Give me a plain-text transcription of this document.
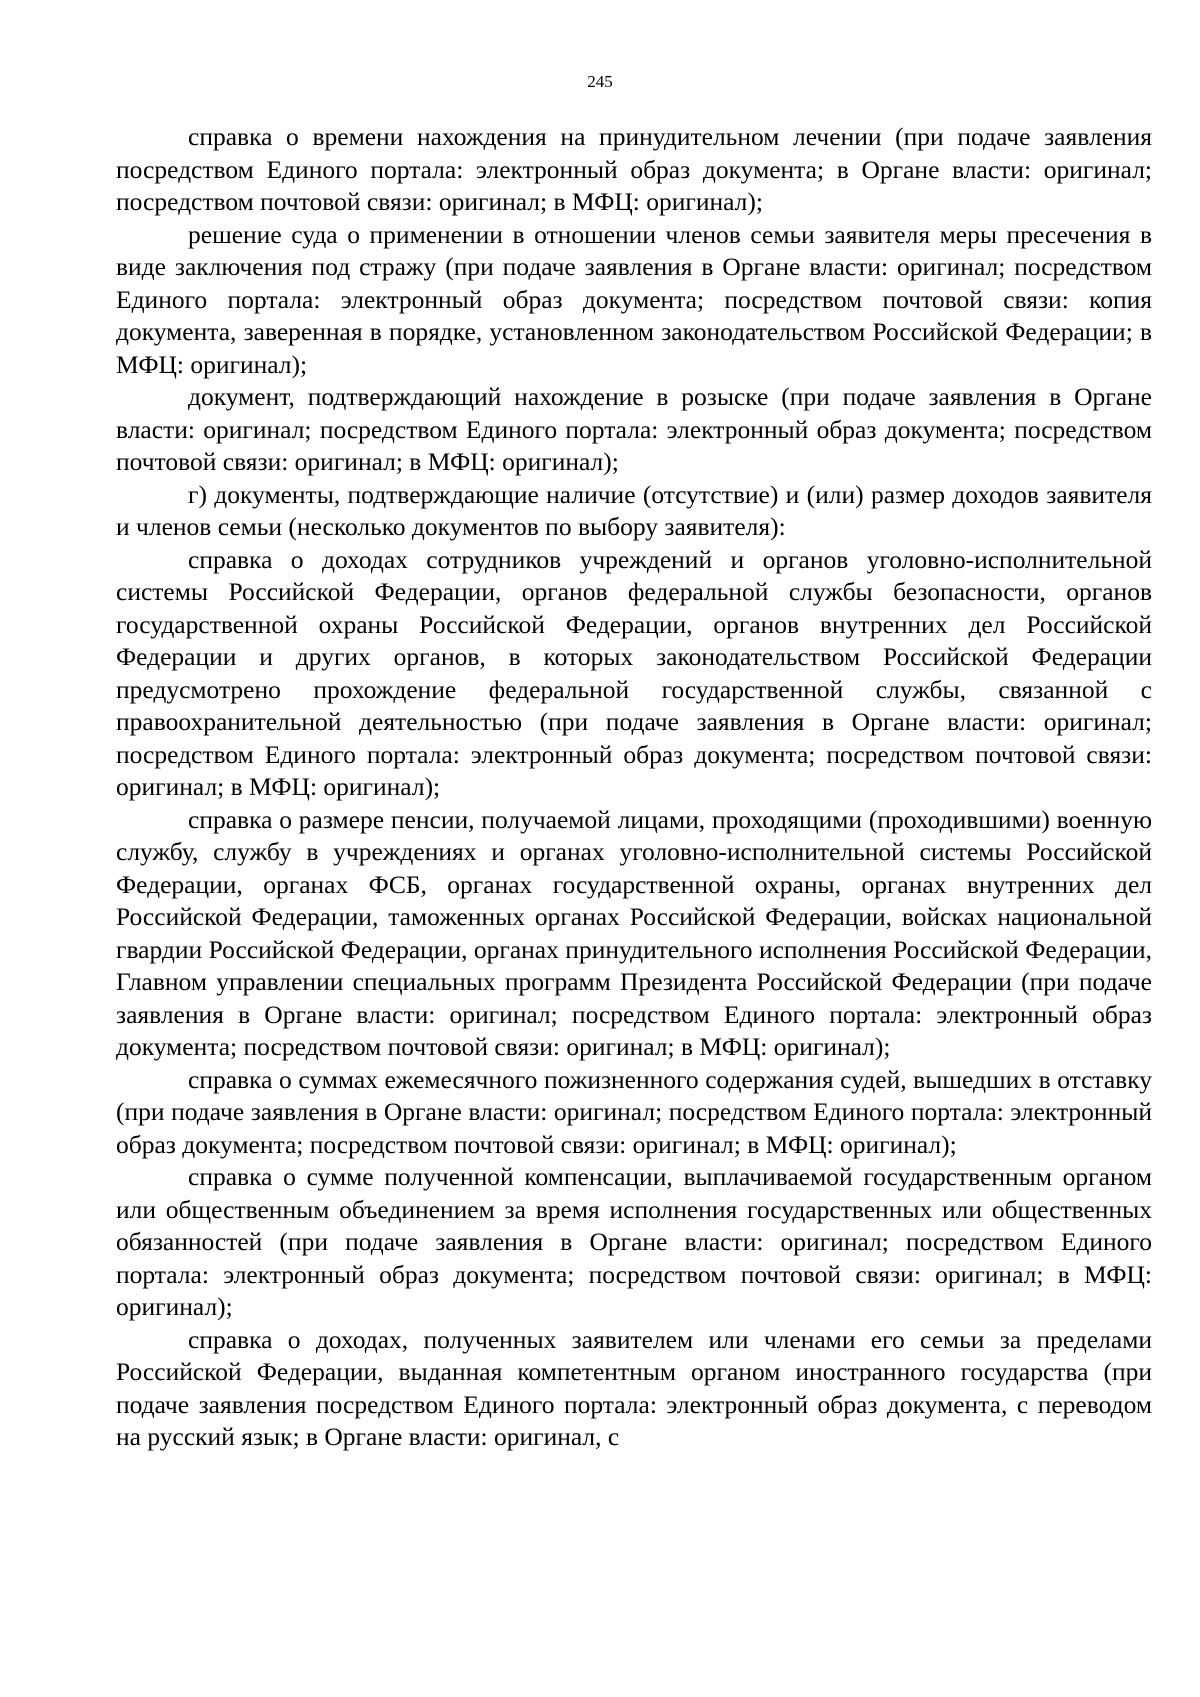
245

справка о времени нахождения на принудительном лечении (при подаче заявления посредством Единого портала: электронный образ документа; в Органе власти: оригинал; посредством почтовой связи: оригинал; в МФЦ: оригинал);

решение суда о применении в отношении членов семьи заявителя меры пресечения в виде заключения под стражу (при подаче заявления в Органе власти: оригинал; посредством Единого портала: электронный образ документа; посредством почтовой связи: копия документа, заверенная в порядке, установленном законодательством Российской Федерации; в МФЦ: оригинал);

документ, подтверждающий нахождение в розыске (при подаче заявления в Органе власти: оригинал; посредством Единого портала: электронный образ документа; посредством почтовой связи: оригинал; в МФЦ: оригинал);

г) документы, подтверждающие наличие (отсутствие) и (или) размер доходов заявителя и членов семьи (несколько документов по выбору заявителя):

справка о доходах сотрудников учреждений и органов уголовно-исполнительной системы Российской Федерации, органов федеральной службы безопасности, органов государственной охраны Российской Федерации, органов внутренних дел Российской Федерации и других органов, в которых законодательством Российской Федерации предусмотрено прохождение федеральной государственной службы, связанной с правоохранительной деятельностью (при подаче заявления в Органе власти: оригинал; посредством Единого портала: электронный образ документа; посредством почтовой связи: оригинал; в МФЦ: оригинал);

справка о размере пенсии, получаемой лицами, проходящими (проходившими) военную службу, службу в учреждениях и органах уголовно-исполнительной системы Российской Федерации, органах ФСБ, органах государственной охраны, органах внутренних дел Российской Федерации, таможенных органах Российской Федерации, войсках национальной гвардии Российской Федерации, органах принудительного исполнения Российской Федерации, Главном управлении специальных программ Президента Российской Федерации (при подаче заявления в Органе власти: оригинал; посредством Единого портала: электронный образ документа; посредством почтовой связи: оригинал; в МФЦ: оригинал);

справка о суммах ежемесячного пожизненного содержания судей, вышедших в отставку (при подаче заявления в Органе власти: оригинал; посредством Единого портала: электронный образ документа; посредством почтовой связи: оригинал; в МФЦ: оригинал);

справка о сумме полученной компенсации, выплачиваемой государственным органом или общественным объединением за время исполнения государственных или общественных обязанностей (при подаче заявления в Органе власти: оригинал; посредством Единого портала: электронный образ документа; посредством почтовой связи: оригинал; в МФЦ: оригинал);

справка о доходах, полученных заявителем или членами его семьи за пределами Российской Федерации, выданная компетентным органом иностранного государства (при подаче заявления посредством Единого портала: электронный образ документа, с переводом на русский язык; в Органе власти: оригинал, с
